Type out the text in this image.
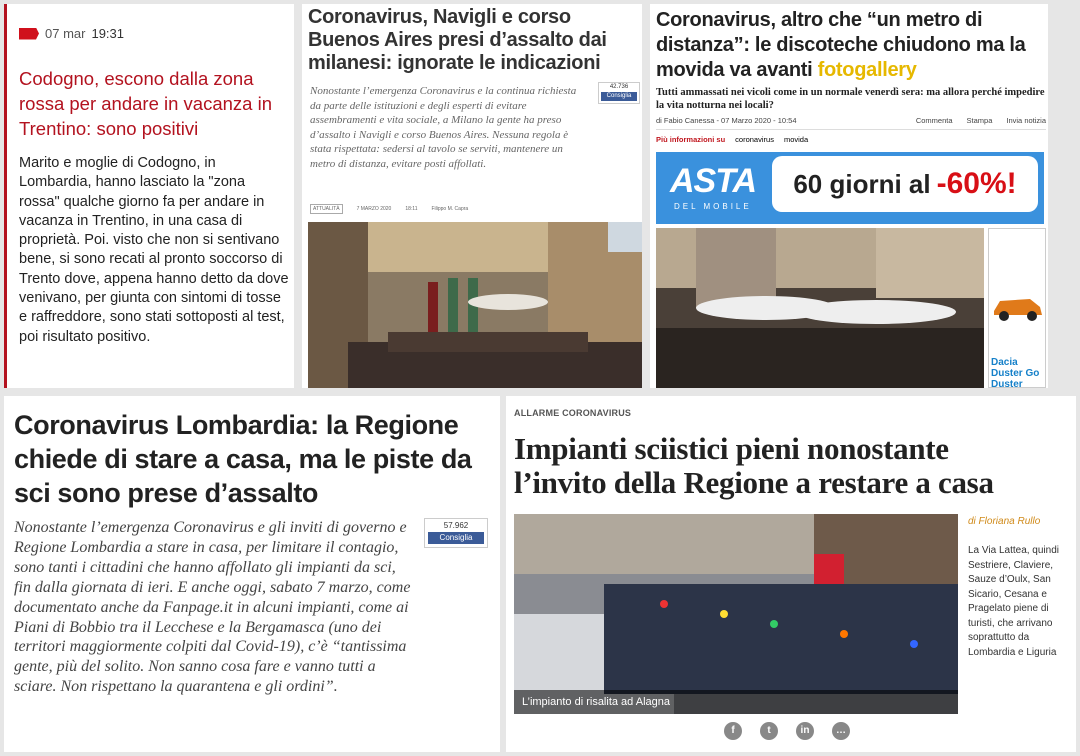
07 mar 19:31
Codogno, escono dalla zona rossa per andare in vacanza in Trentino: sono positivi

Marito e moglie di Codogno, in Lombardia, hanno lasciato la "zona rossa" qualche giorno fa per andare in vacanza in Trentino, in una casa di proprietà. Poi. visto che non si sentivano bene, si sono recati al pronto soccorso di Trento dove, appena hanno detto da dove venivano, per giunta con sintomi di tosse e raffreddore, sono stati sottoposti al test, poi risultato positivo.

Coronavirus, Navigli e corso Buenos Aires presi d’assalto dai milanesi: ignorate le indicazioni
Nonostante l’emergenza Coronavirus e la continua richiesta da parte delle istituzioni e degli esperti di evitare assembramenti e vita sociale, a Milano la gente ha preso d’assalto i Navigli e corso Buenos Aires. Nessuna regola è stata rispettata: sedersi al tavolo se serviti, mantenere un metro di distanza, evitare posti affollati.
42.736
Consiglia
ATTUALITÀ	7 MARZO 2020	18:11	Filippo M. Capra
Coronavirus, altro che “un metro di distanza”: le discoteche chiudono ma la movida va avanti fotogallery
Tutti ammassati nei vicoli come in un normale venerdì sera: ma allora perché impedire la vita notturna nei locali?
di Fabio Canessa - 07 Marzo 2020 - 10:54	Commenta Stampa Invia notizia
Più informazioni su coronavirus movida
ASTA
DEL MOBILE
60 giorni al -60%!
Dacia Duster Go Duster
Coronavirus Lombardia: la Regione chiede di stare a casa, ma le piste da sci sono prese d’assalto
Nonostante l’emergenza Coronavirus e gli inviti di governo e Regione Lombardia a stare in casa, per limitare il contagio, sono tanti i cittadini che hanno affollato gli impianti da sci, fin dalla giornata di ieri. E anche oggi, sabato 7 marzo, come documentato anche da Fanpage.it in alcuni impianti, come ai Piani di Bobbio tra il Lecchese e la Bergamasca (uno dei territori maggiormente colpiti dal Covid-19), c’è “tantissima gente, più del solito. Non sanno cosa fare e vanno tutti a sciare. Non rispettano la quarantena e gli ordini”.
57.962
Consiglia
ALLARME CORONAVIRUS
Impianti sciistici pieni nonostante l’invito della Regione a restare a casa
L’impianto di risalita ad Alagna
di Floriana Rullo
La Via Lattea, quindi Sestriere, Claviere, Sauze d’Oulx, San Sicario, Cesana e Pragelato piene di turisti, che arrivano soprattutto da Lombardia e Liguria
f	t	in	…
